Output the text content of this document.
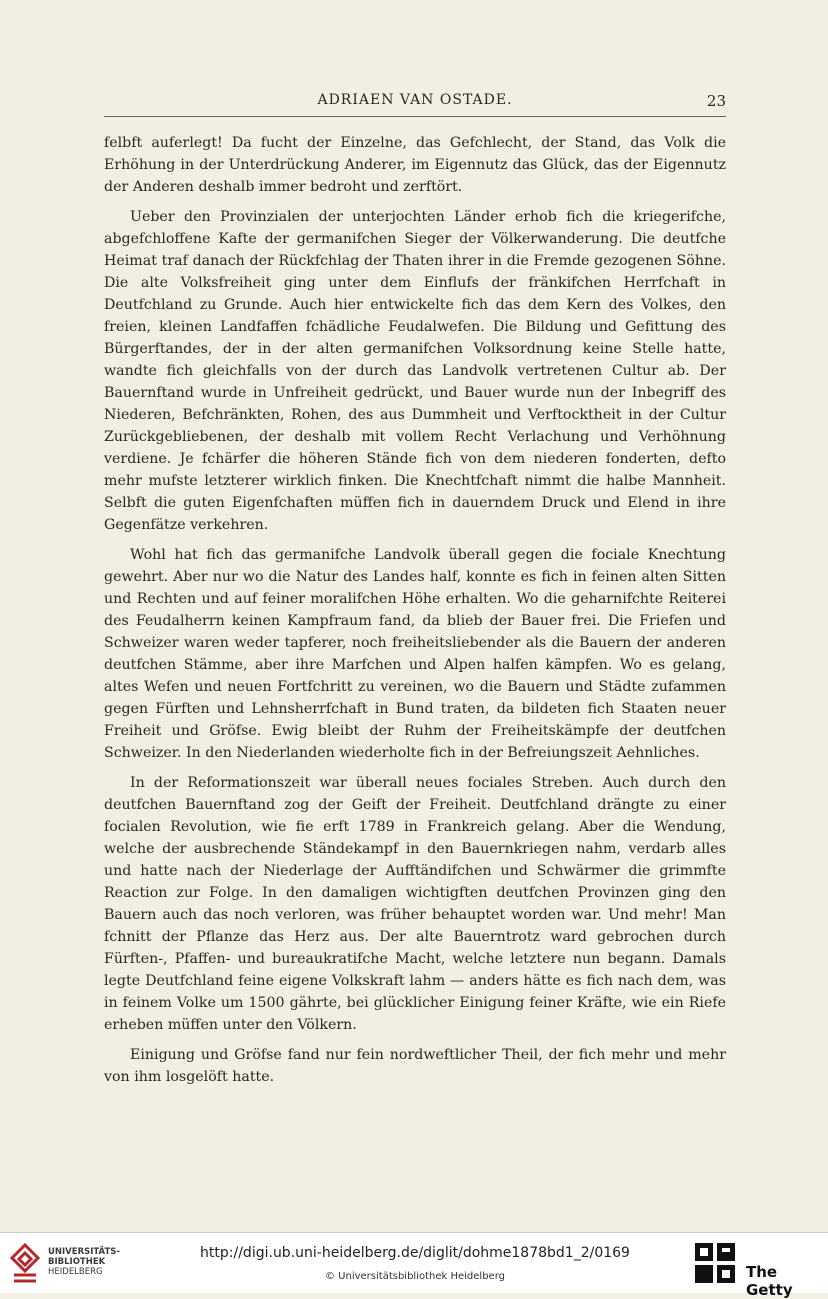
ADRIAEN VAN OSTADE.	23

felbft auferlegt! Da fucht der Einzelne, das Gefchlecht, der Stand, das Volk die Erhöhung in der Unterdrückung Anderer, im Eigennutz das Glück, das der Eigennutz der Anderen deshalb immer bedroht und zerftört.

Ueber den Provinzialen der unterjochten Länder erhob fich die kriegerifche, abgefchloffene Kafte der germanifchen Sieger der Völkerwanderung. Die deutfche Heimat traf danach der Rückfchlag der Thaten ihrer in die Fremde gezogenen Söhne. Die alte Volksfreiheit ging unter dem Einflufs der fränkifchen Herrfchaft in Deutfchland zu Grunde. Auch hier entwickelte fich das dem Kern des Volkes, den freien, kleinen Landfaffen fchädliche Feudalwefen. Die Bildung und Gefittung des Bürgerftandes, der in der alten germanifchen Volksordnung keine Stelle hatte, wandte fich gleichfalls von der durch das Landvolk vertretenen Cultur ab. Der Bauernftand wurde in Unfreiheit gedrückt, und Bauer wurde nun der Inbegriff des Niederen, Befchränkten, Rohen, des aus Dummheit und Verftocktheit in der Cultur Zurückgebliebenen, der deshalb mit vollem Recht Verlachung und Verhöhnung verdiene. Je fchärfer die höheren Stände fich von dem niederen fonderten, defto mehr mufste letzterer wirklich finken. Die Knechtfchaft nimmt die halbe Mannheit. Selbft die guten Eigenfchaften müffen fich in dauerndem Druck und Elend in ihre Gegenfätze verkehren.

Wohl hat fich das germanifche Landvolk überall gegen die fociale Knechtung gewehrt. Aber nur wo die Natur des Landes half, konnte es fich in feinen alten Sitten und Rechten und auf feiner moralifchen Höhe erhalten. Wo die geharnifchte Reiterei des Feudalherrn keinen Kampfraum fand, da blieb der Bauer frei. Die Friefen und Schweizer waren weder tapferer, noch freiheitsliebender als die Bauern der anderen deutfchen Stämme, aber ihre Marfchen und Alpen halfen kämpfen. Wo es gelang, altes Wefen und neuen Fortfchritt zu vereinen, wo die Bauern und Städte zufammen gegen Fürften und Lehnsherrfchaft in Bund traten, da bildeten fich Staaten neuer Freiheit und Gröfse. Ewig bleibt der Ruhm der Freiheitskämpfe der deutfchen Schweizer. In den Niederlanden wiederholte fich in der Befreiungszeit Aehnliches.

In der Reformationszeit war überall neues fociales Streben. Auch durch den deutfchen Bauernftand zog der Geift der Freiheit. Deutfchland drängte zu einer focialen Revolution, wie fie erft 1789 in Frankreich gelang. Aber die Wendung, welche der ausbrechende Ständekampf in den Bauernkriegen nahm, verdarb alles und hatte nach der Niederlage der Aufftändifchen und Schwärmer die grimmfte Reaction zur Folge. In den damaligen wichtigften deutfchen Provinzen ging den Bauern auch das noch verloren, was früher behauptet worden war. Und mehr! Man fchnitt der Pflanze das Herz aus. Der alte Bauerntrotz ward gebrochen durch Fürften-, Pfaffen- und bureaukratifche Macht, welche letztere nun begann. Damals legte Deutfchland feine eigene Volkskraft lahm — anders hätte es fich nach dem, was in feinem Volke um 1500 gährte, bei glücklicher Einigung feiner Kräfte, wie ein Riefe erheben müffen unter den Völkern.

Einigung und Gröfse fand nur fein nordweftlicher Theil, der fich mehr und mehr von ihm losgelöft hatte.

UNIVERSITÄTS-
BIBLIOTHEK
HEIDELBERG
http://digi.ub.uni-heidelberg.de/diglit/dohme1878bd1_2/0169
© Universitätsbibliothek Heidelberg	The Getty
